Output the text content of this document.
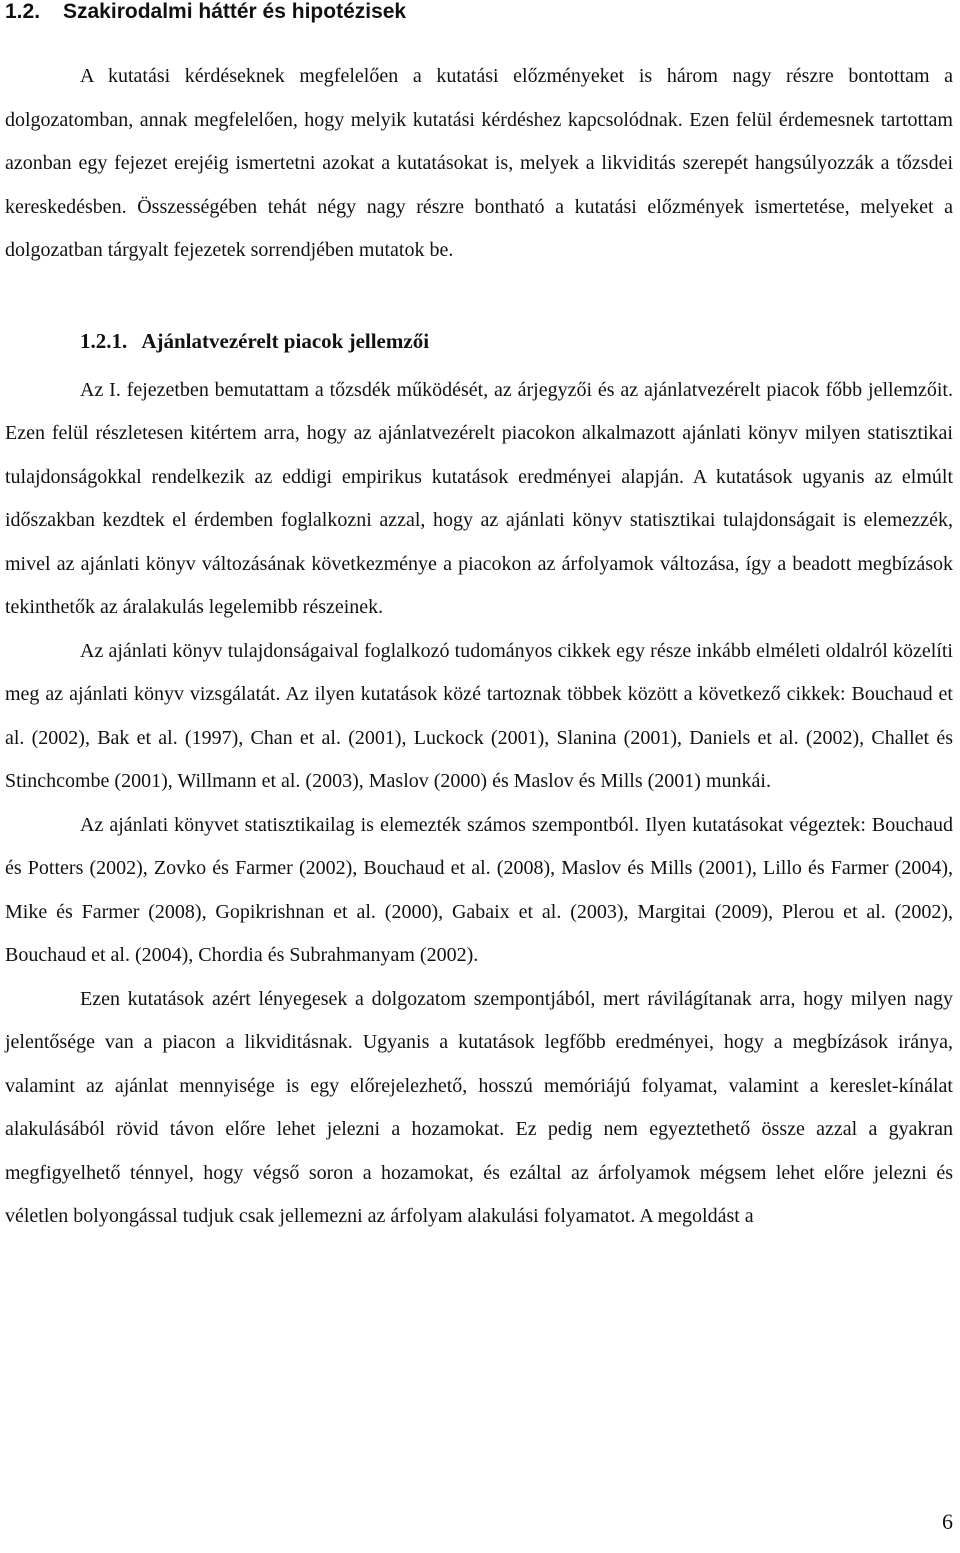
1.2.	Szakirodalmi háttér és hipotézisek

A kutatási kérdéseknek megfelelően a kutatási előzményeket is három nagy részre bontottam a dolgozatomban, annak megfelelően, hogy melyik kutatási kérdéshez kapcsolódnak. Ezen felül érdemesnek tartottam azonban egy fejezet erejéig ismertetni azokat a kutatásokat is, melyek a likviditás szerepét hangsúlyozzák a tőzsdei kereskedésben. Összességében tehát négy nagy részre bontható a kutatási előzmények ismertetése, melyeket a dolgozatban tárgyalt fejezetek sorrendjében mutatok be.

1.2.1. Ajánlatvezérelt piacok jellemzői

Az I. fejezetben bemutattam a tőzsdék működését, az árjegyzői és az ajánlatvezérelt piacok főbb jellemzőit. Ezen felül részletesen kitértem arra, hogy az ajánlatvezérelt piacokon alkalmazott ajánlati könyv milyen statisztikai tulajdonságokkal rendelkezik az eddigi empirikus kutatások eredményei alapján. A kutatások ugyanis az elmúlt időszakban kezdtek el érdemben foglalkozni azzal, hogy az ajánlati könyv statisztikai tulajdonságait is elemezzék, mivel az ajánlati könyv változásának következménye a piacokon az árfolyamok változása, így a beadott megbízások tekinthetők az áralakulás legelemibb részeinek.

Az ajánlati könyv tulajdonságaival foglalkozó tudományos cikkek egy része inkább elméleti oldalról közelíti meg az ajánlati könyv vizsgálatát. Az ilyen kutatások közé tartoznak többek között a következő cikkek: Bouchaud et al. (2002), Bak et al. (1997), Chan et al. (2001), Luckock (2001), Slanina (2001), Daniels et al. (2002), Challet és Stinchcombe (2001), Willmann et al. (2003), Maslov (2000) és Maslov és Mills (2001) munkái.

Az ajánlati könyvet statisztikailag is elemezték számos szempontból. Ilyen kutatásokat végeztek: Bouchaud és Potters (2002), Zovko és Farmer (2002), Bouchaud et al. (2008), Maslov és Mills (2001), Lillo és Farmer (2004), Mike és Farmer (2008), Gopikrishnan et al. (2000), Gabaix et al. (2003), Margitai (2009), Plerou et al. (2002), Bouchaud et al. (2004), Chordia és Subrahmanyam (2002).

Ezen kutatások azért lényegesek a dolgozatom szempontjából, mert rávilágítanak arra, hogy milyen nagy jelentősége van a piacon a likviditásnak. Ugyanis a kutatások legfőbb eredményei, hogy a megbízások iránya, valamint az ajánlat mennyisége is egy előrejelezhető, hosszú memóriájú folyamat, valamint a kereslet-kínálat alakulásából rövid távon előre lehet jelezni a hozamokat. Ez pedig nem egyeztethető össze azzal a gyakran megfigyelhető ténnyel, hogy végső soron a hozamokat, és ezáltal az árfolyamok mégsem lehet előre jelezni és véletlen bolyongással tudjuk csak jellemezni az árfolyam alakulási folyamatot. A megoldást a

6
